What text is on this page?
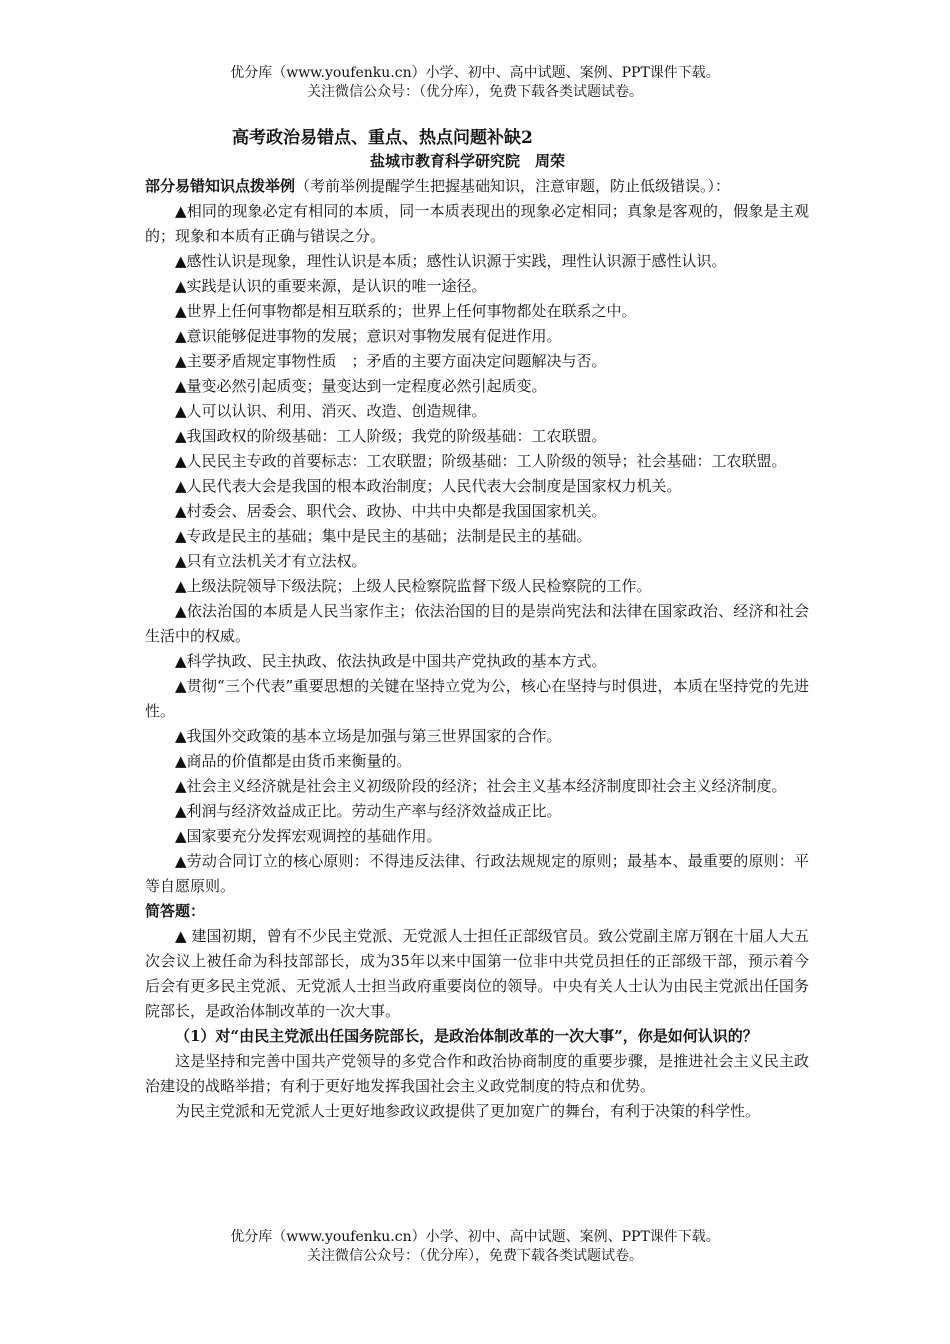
优分库（www.youfenku.cn）小学、初中、高中试题、案例、PPT课件下载。
关注微信公众号：（优分库），免费下载各类试题试卷。
高考政治易错点、重点、热点问题补缺2
盐城市教育科学研究院　周荣
部分易错知识点拨举例（考前举例提醒学生把握基础知识，注意审题，防止低级错误。）：
▲相同的现象必定有相同的本质，同一本质表现出的现象必定相同；真象是客观的，假象是主观的；现象和本质有正确与错误之分。
▲感性认识是现象，理性认识是本质；感性认识源于实践，理性认识源于感性认识。
▲实践是认识的重要来源，是认识的唯一途径。
▲世界上任何事物都是相互联系的；世界上任何事物都处在联系之中。
▲意识能够促进事物的发展；意识对事物发展有促进作用。
▲主要矛盾规定事物性质　；矛盾的主要方面决定问题解决与否。
▲量变必然引起质变；量变达到一定程度必然引起质变。
▲人可以认识、利用、消灭、改造、创造规律。
▲我国政权的阶级基础：工人阶级；我党的阶级基础：工农联盟。
▲人民民主专政的首要标志：工农联盟；阶级基础：工人阶级的领导；社会基础：工农联盟。
▲人民代表大会是我国的根本政治制度；人民代表大会制度是国家权力机关。
▲村委会、居委会、职代会、政协、中共中央都是我国国家机关。
▲专政是民主的基础；集中是民主的基础；法制是民主的基础。
▲只有立法机关才有立法权。
▲上级法院领导下级法院；上级人民检察院监督下级人民检察院的工作。
▲依法治国的本质是人民当家作主；依法治国的目的是崇尚宪法和法律在国家政治、经济和社会生活中的权威。
▲科学执政、民主执政、依法执政是中国共产党执政的基本方式。
▲贯彻“三个代表”重要思想的关键在坚持立党为公，核心在坚持与时俱进，本质在坚持党的先进性。
▲我国外交政策的基本立场是加强与第三世界国家的合作。
▲商品的价值都是由货币来衡量的。
▲社会主义经济就是社会主义初级阶段的经济；社会主义基本经济制度即社会主义经济制度。
▲利润与经济效益成正比。劳动生产率与经济效益成正比。
▲国家要充分发挥宏观调控的基础作用。
▲劳动合同订立的核心原则：不得违反法律、行政法规规定的原则；最基本、最重要的原则：平等自愿原则。
简答题：
▲ 建国初期，曾有不少民主党派、无党派人士担任正部级官员。致公党副主席万钢在十届人大五次会议上被任命为科技部部长，成为35年以来中国第一位非中共党员担任的正部级干部，预示着今后会有更多民主党派、无党派人士担当政府重要岗位的领导。中央有关人士认为由民主党派出任国务院部长，是政治体制改革的一次大事。
（1）对“由民主党派出任国务院部长，是政治体制改革的一次大事”，你是如何认识的？
这是坚持和完善中国共产党领导的多党合作和政治协商制度的重要步骤，是推进社会主义民主政治建设的战略举措；有利于更好地发挥我国社会主义政党制度的特点和优势。
为民主党派和无党派人士更好地参政议政提供了更加宽广的舞台，有利于决策的科学性。
优分库（www.youfenku.cn）小学、初中、高中试题、案例、PPT课件下载。
关注微信公众号：（优分库），免费下载各类试题试卷。
